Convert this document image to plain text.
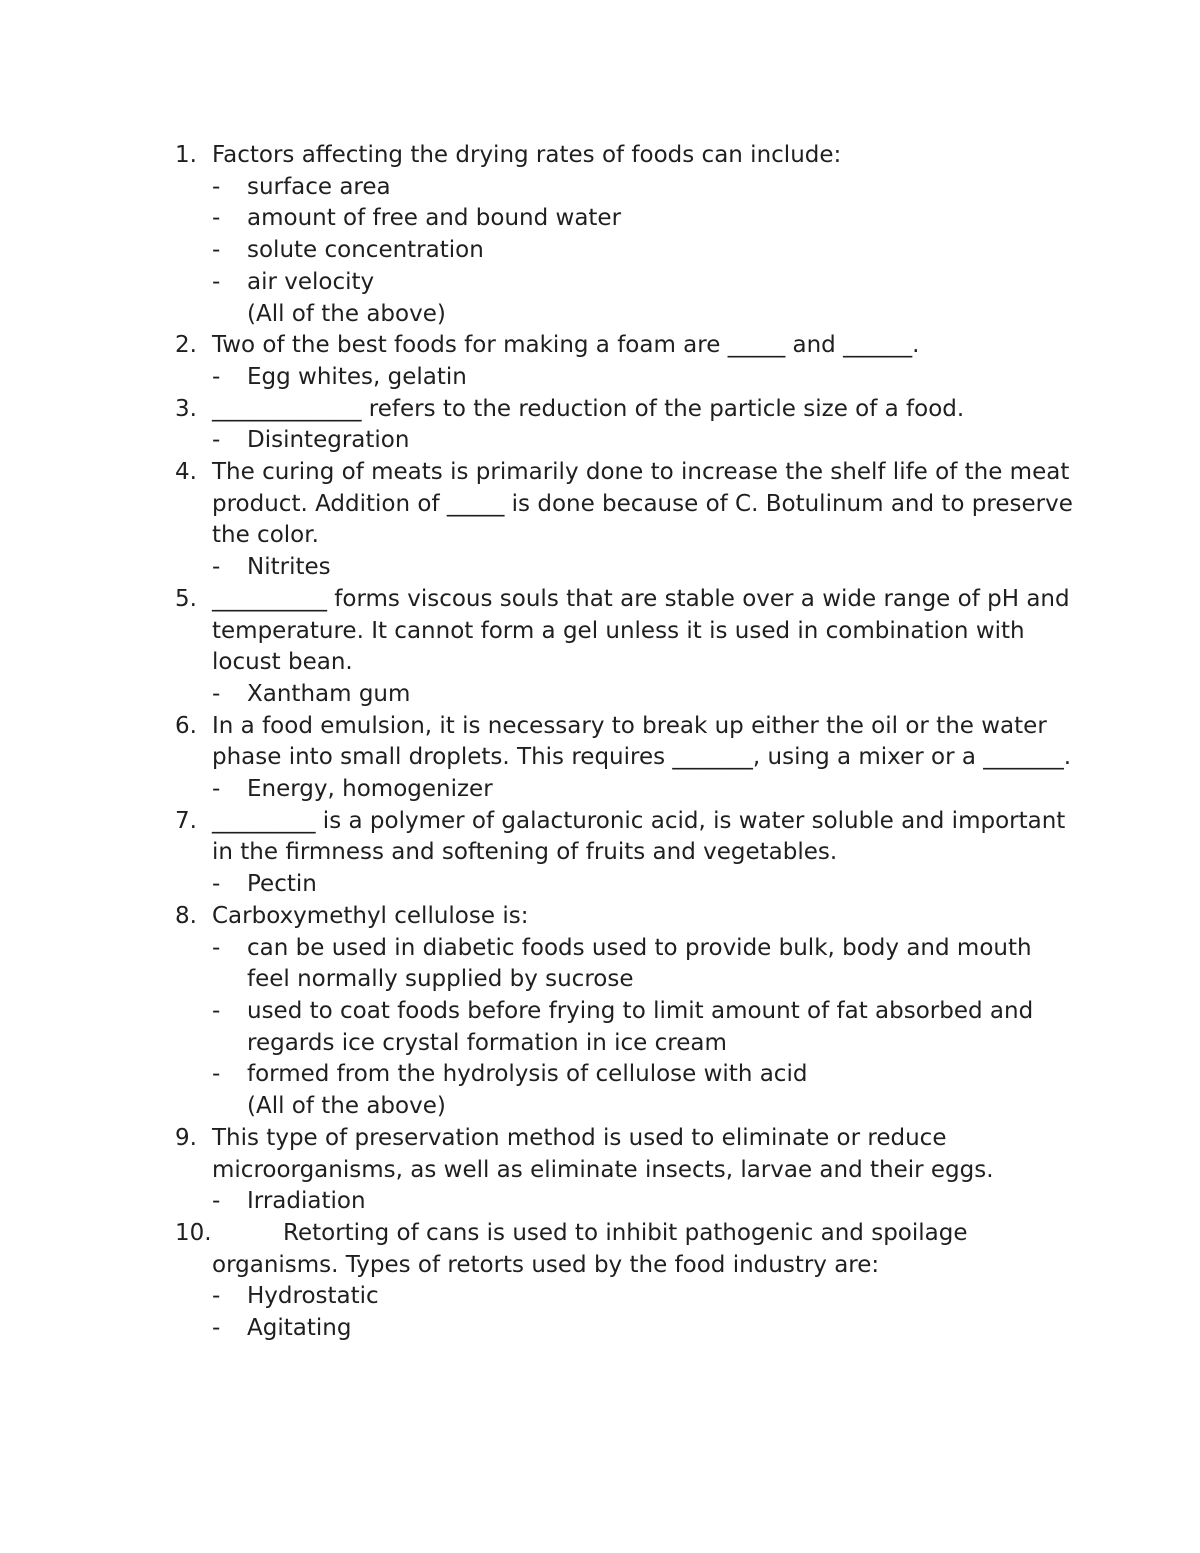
1. Factors affecting the drying rates of foods can include:
- surface area
- amount of free and bound water
- solute concentration
- air velocity
(All of the above)
2. Two of the best foods for making a foam are _____ and ______.
- Egg whites, gelatin
3. _____________ refers to the reduction of the particle size of a food.
- Disintegration
4. The curing of meats is primarily done to increase the shelf life of the meat product. Addition of _____ is done because of C. Botulinum and to preserve the color.
- Nitrites
5. __________ forms viscous souls that are stable over a wide range of pH and temperature. It cannot form a gel unless it is used in combination with locust bean.
- Xantham gum
6. In a food emulsion, it is necessary to break up either the oil or the water phase into small droplets. This requires _______, using a mixer or a _______.
- Energy, homogenizer
7. _________ is a polymer of galacturonic acid, is water soluble and important in the firmness and softening of fruits and vegetables.
- Pectin
8. Carboxymethyl cellulose is:
- can be used in diabetic foods used to provide bulk, body and mouth feel normally supplied by sucrose
- used to coat foods before frying to limit amount of fat absorbed and regards ice crystal formation in ice cream
- formed from the hydrolysis of cellulose with acid
(All of the above)
9. This type of preservation method is used to eliminate or reduce microorganisms, as well as eliminate insects, larvae and their eggs.
- Irradiation
10.	Retorting of cans is used to inhibit pathogenic and spoilage
organisms. Types of retorts used by the food industry are:
- Hydrostatic
- Agitating
